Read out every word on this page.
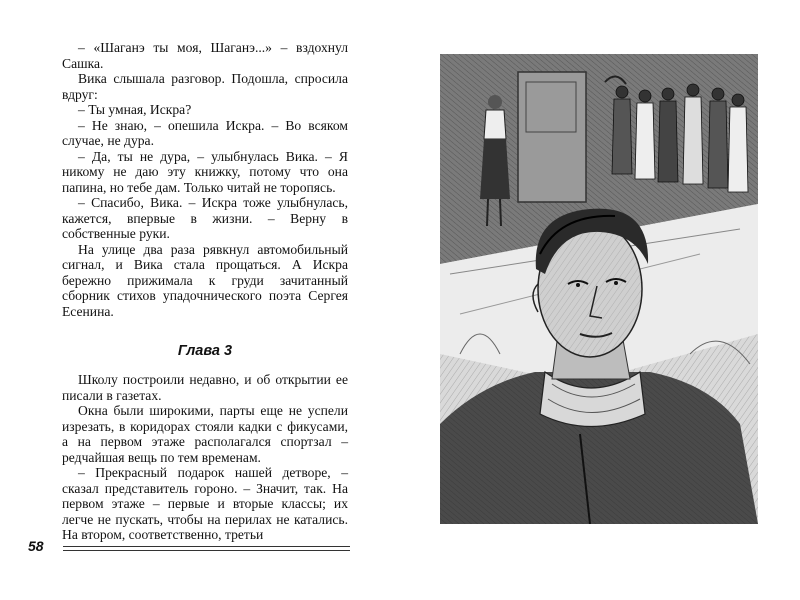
– «Шаганэ ты моя, Шаганэ...» – вздохнул Сашка.

Вика слышала разговор. Подошла, спросила вдруг:

– Ты умная, Искра?

– Не знаю, – опешила Искра. – Во всяком случае, не дура.

– Да, ты не дура, – улыбнулась Вика. – Я никому не даю эту книжку, потому что она папина, но тебе дам. Только читай не торопясь.

– Спасибо, Вика. – Искра тоже улыбнулась, кажется, впервые в жизни. – Верну в собственные руки.

На улице два раза рявкнул автомобильный сигнал, и Вика стала прощаться. А Искра бережно прижимала к груди зачитанный сборник стихов упадочнического поэта Сергея Есенина.

Глава 3

Школу построили недавно, и об открытии ее писали в газетах.

Окна были широкими, парты еще не успели изрезать, в коридорах стояли кадки с фикусами, а на первом этаже располагался спортзал – редчайшая вещь по тем временам.

– Прекрасный подарок нашей детворе, – сказал представитель гороно. – Значит, так. На первом этаже – первые и вторые классы; их легче не пускать, чтобы на перилах не катались. На втором, соответственно, третьи

58
